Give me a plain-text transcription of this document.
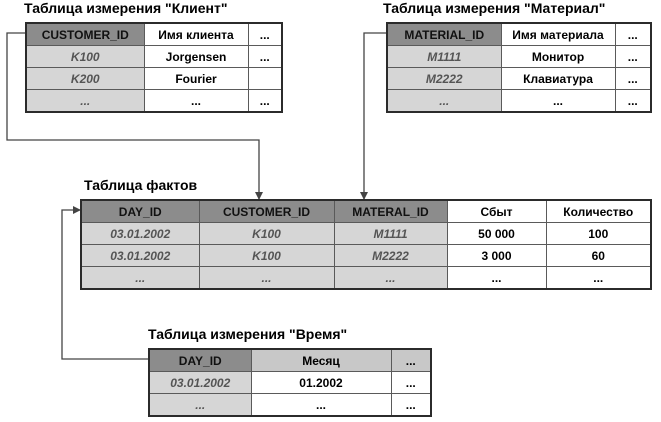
Таблица измерения "Клиент"
CUSTOMER_ID	Имя клиента	...
K100	Jorgensen	...
K200	Fourier	
...	...	...
Таблица измерения "Материал"
MATERIAL_ID	Имя материала	...
M1111	Монитор	...
M2222	Клавиатура	...
...	...	...
Таблица фактов
DAY_ID	CUSTOMER_ID	MATERAL_ID	Сбыт	Количество
03.01.2002	K100	M1111	50 000	100
03.01.2002	K100	M2222	3 000	60
...	...	...	...	...
Таблица измерения "Время"
DAY_ID	Месяц	...
03.01.2002	01.2002	...
...	...	...
